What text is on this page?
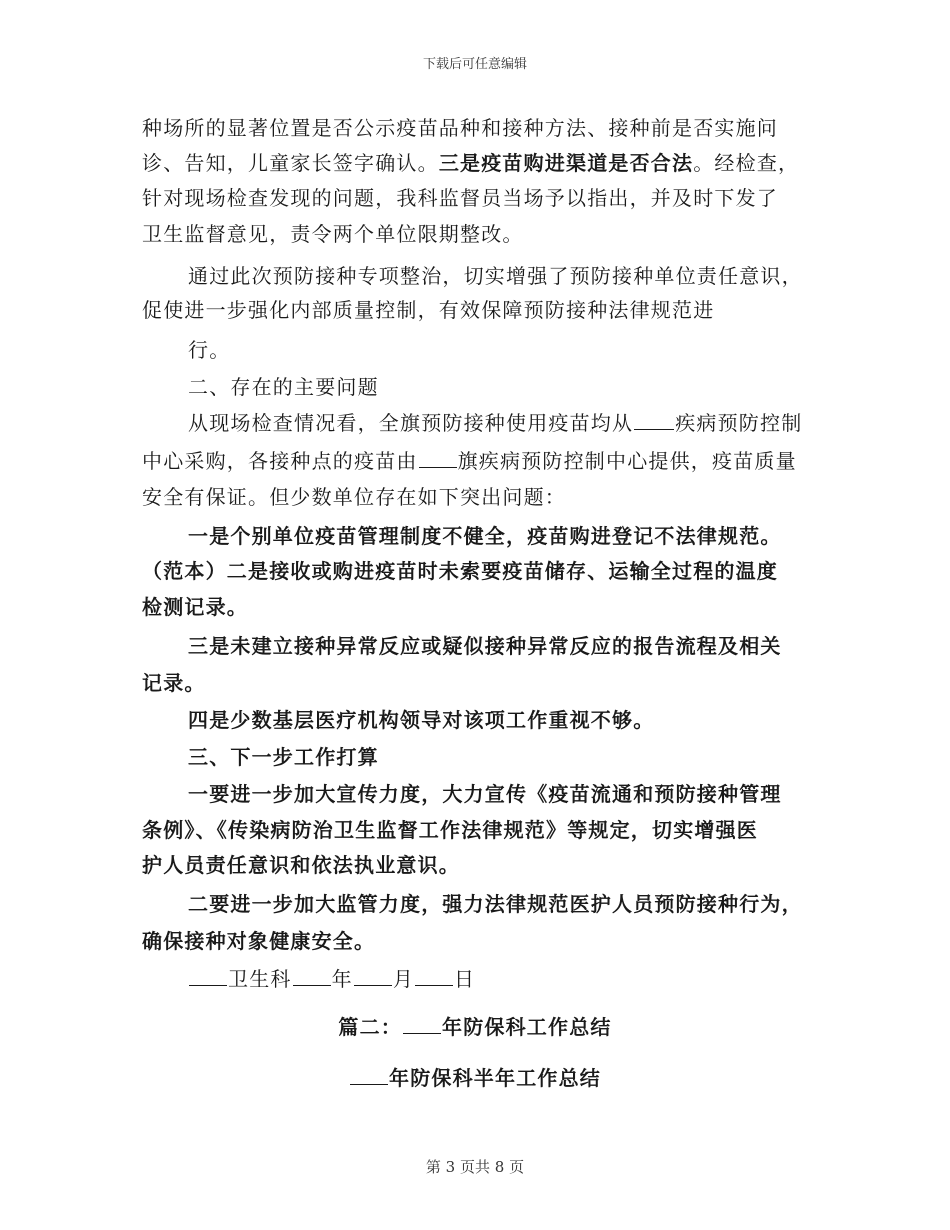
下载后可任意编辑
种场所的显著位置是否公示疫苗品种和接种方法、接种前是否实施问
诊、告知，儿童家长签字确认。三是疫苗购进渠道是否合法。经检查，
针对现场检查发现的问题，我科监督员当场予以指出，并及时下发了
卫生监督意见，责令两个单位限期整改。
通过此次预防接种专项整治，切实增强了预防接种单位责任意识，
促使进一步强化内部质量控制，有效保障预防接种法律规范进
行。
二、存在的主要问题
从现场检查情况看，全旗预防接种使用疫苗均从 疾病预防控制
中心采购，各接种点的疫苗由 旗疾病预防控制中心提供，疫苗质量
安全有保证。但少数单位存在如下突出问题：
一是个别单位疫苗管理制度不健全，疫苗购进登记不法律规范。
（范本）二是接收或购进疫苗时未索要疫苗储存、运输全过程的温度
检测记录。
三是未建立接种异常反应或疑似接种异常反应的报告流程及相关
记录。
四是少数基层医疗机构领导对该项工作重视不够。
三、下一步工作打算
一要进一步加大宣传力度，大力宣传《疫苗流通和预防接种管理
条例》、《传染病防治卫生监督工作法律规范》等规定，切实增强医
护人员责任意识和依法执业意识。
二要进一步加大监管力度，强力法律规范医护人员预防接种行为，
确保接种对象健康安全。
卫生科 年 月 日
篇二： 年防保科工作总结
年防保科半年工作总结
第 3 页共 8 页
